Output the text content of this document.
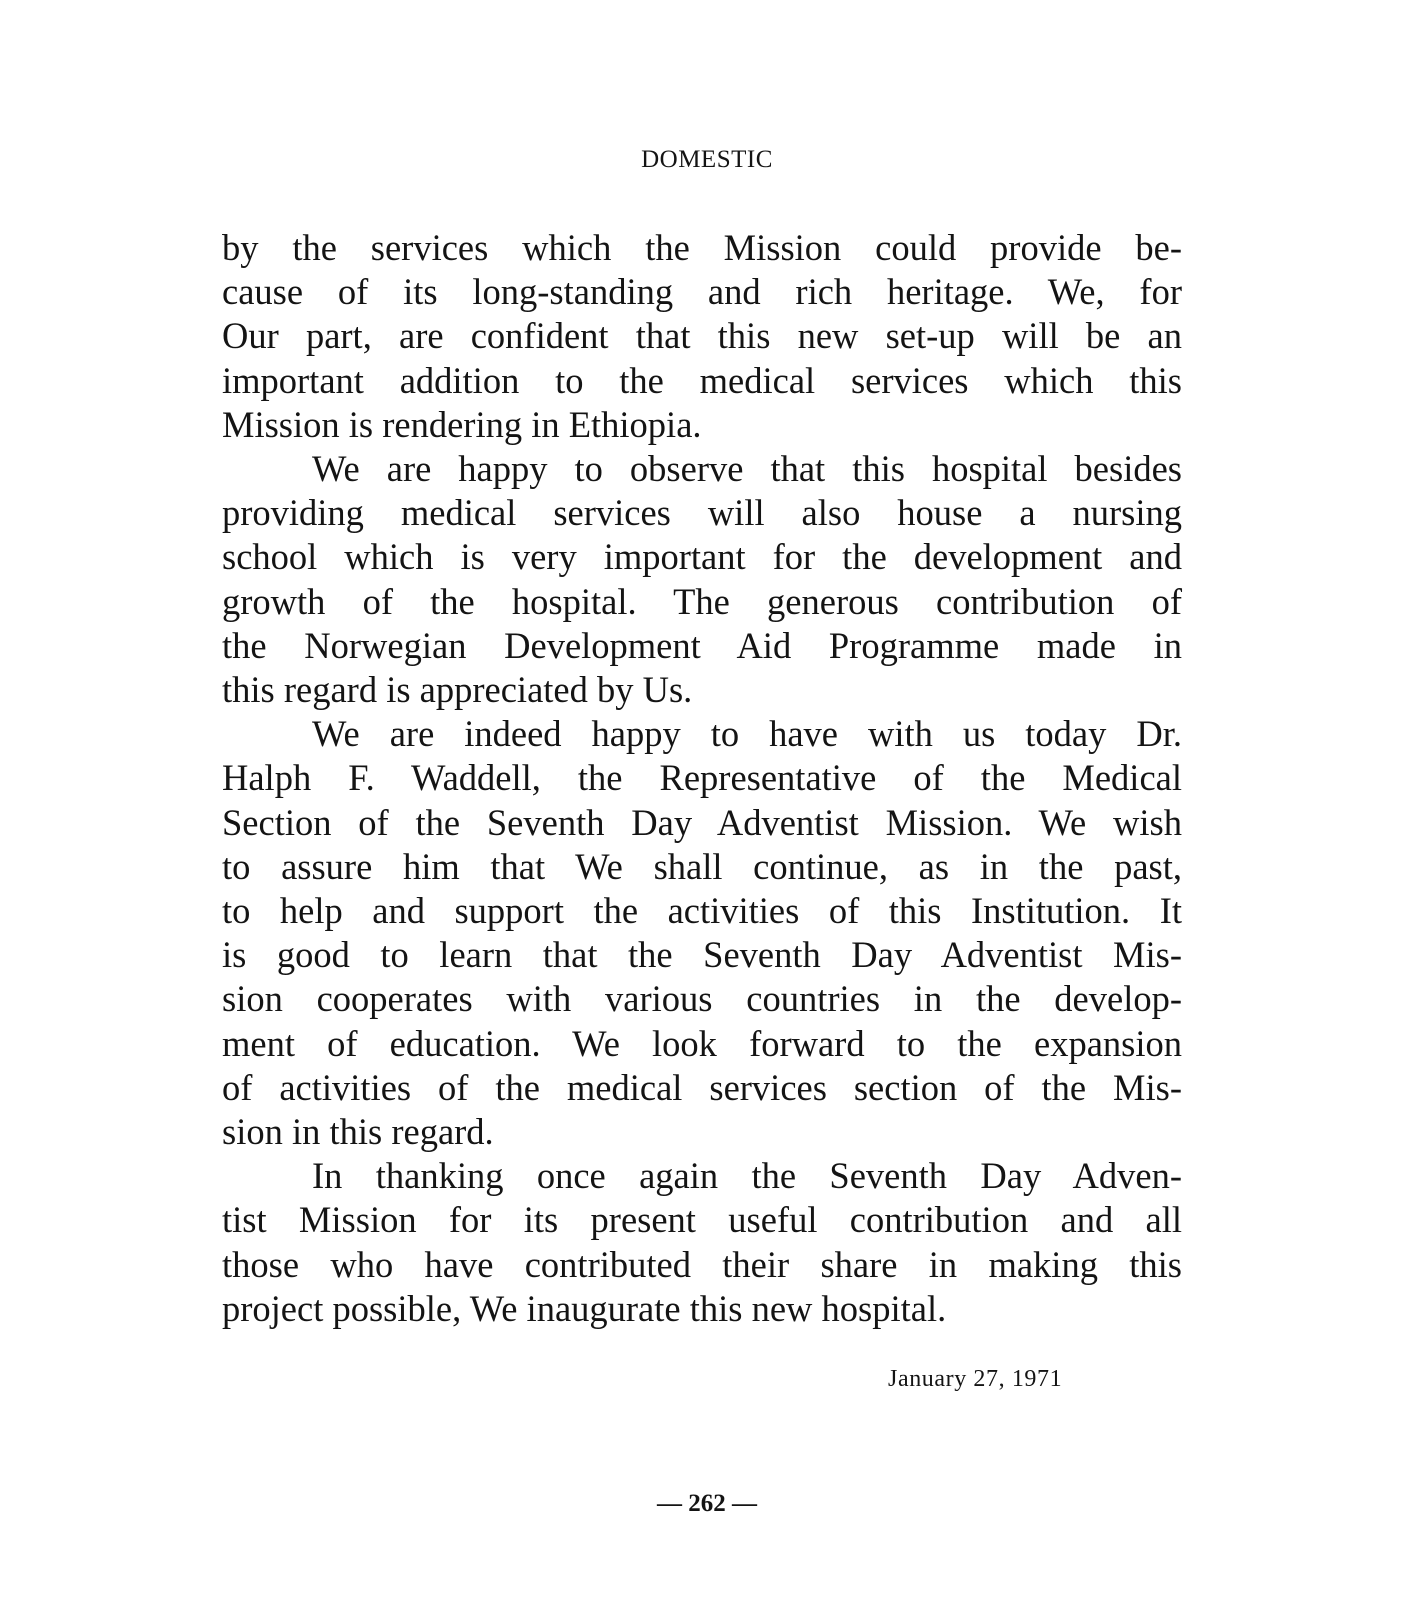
DOMESTIC
by the services which the Mission could provide be-
cause of its long-standing and rich heritage. We, for
Our part, are confident that this new set-up will be an
important addition to the medical services which this
Mission is rendering in Ethiopia.
We are happy to observe that this hospital besides
providing medical services will also house a nursing
school which is very important for the development and
growth of the hospital. The generous contribution of
the Norwegian Development Aid Programme made in
this regard is appreciated by Us.
We are indeed happy to have with us today Dr.
Halph F. Waddell, the Representative of the Medical
Section of the Seventh Day Adventist Mission. We wish
to assure him that We shall continue, as in the past,
to help and support the activities of this Institution. It
is good to learn that the Seventh Day Adventist Mis-
sion cooperates with various countries in the develop-
ment of education. We look forward to the expansion
of activities of the medical services section of the Mis-
sion in this regard.
In thanking once again the Seventh Day Adven-
tist Mission for its present useful contribution and all
those who have contributed their share in making this
project possible, We inaugurate this new hospital.
January 27, 1971
— 262 —
